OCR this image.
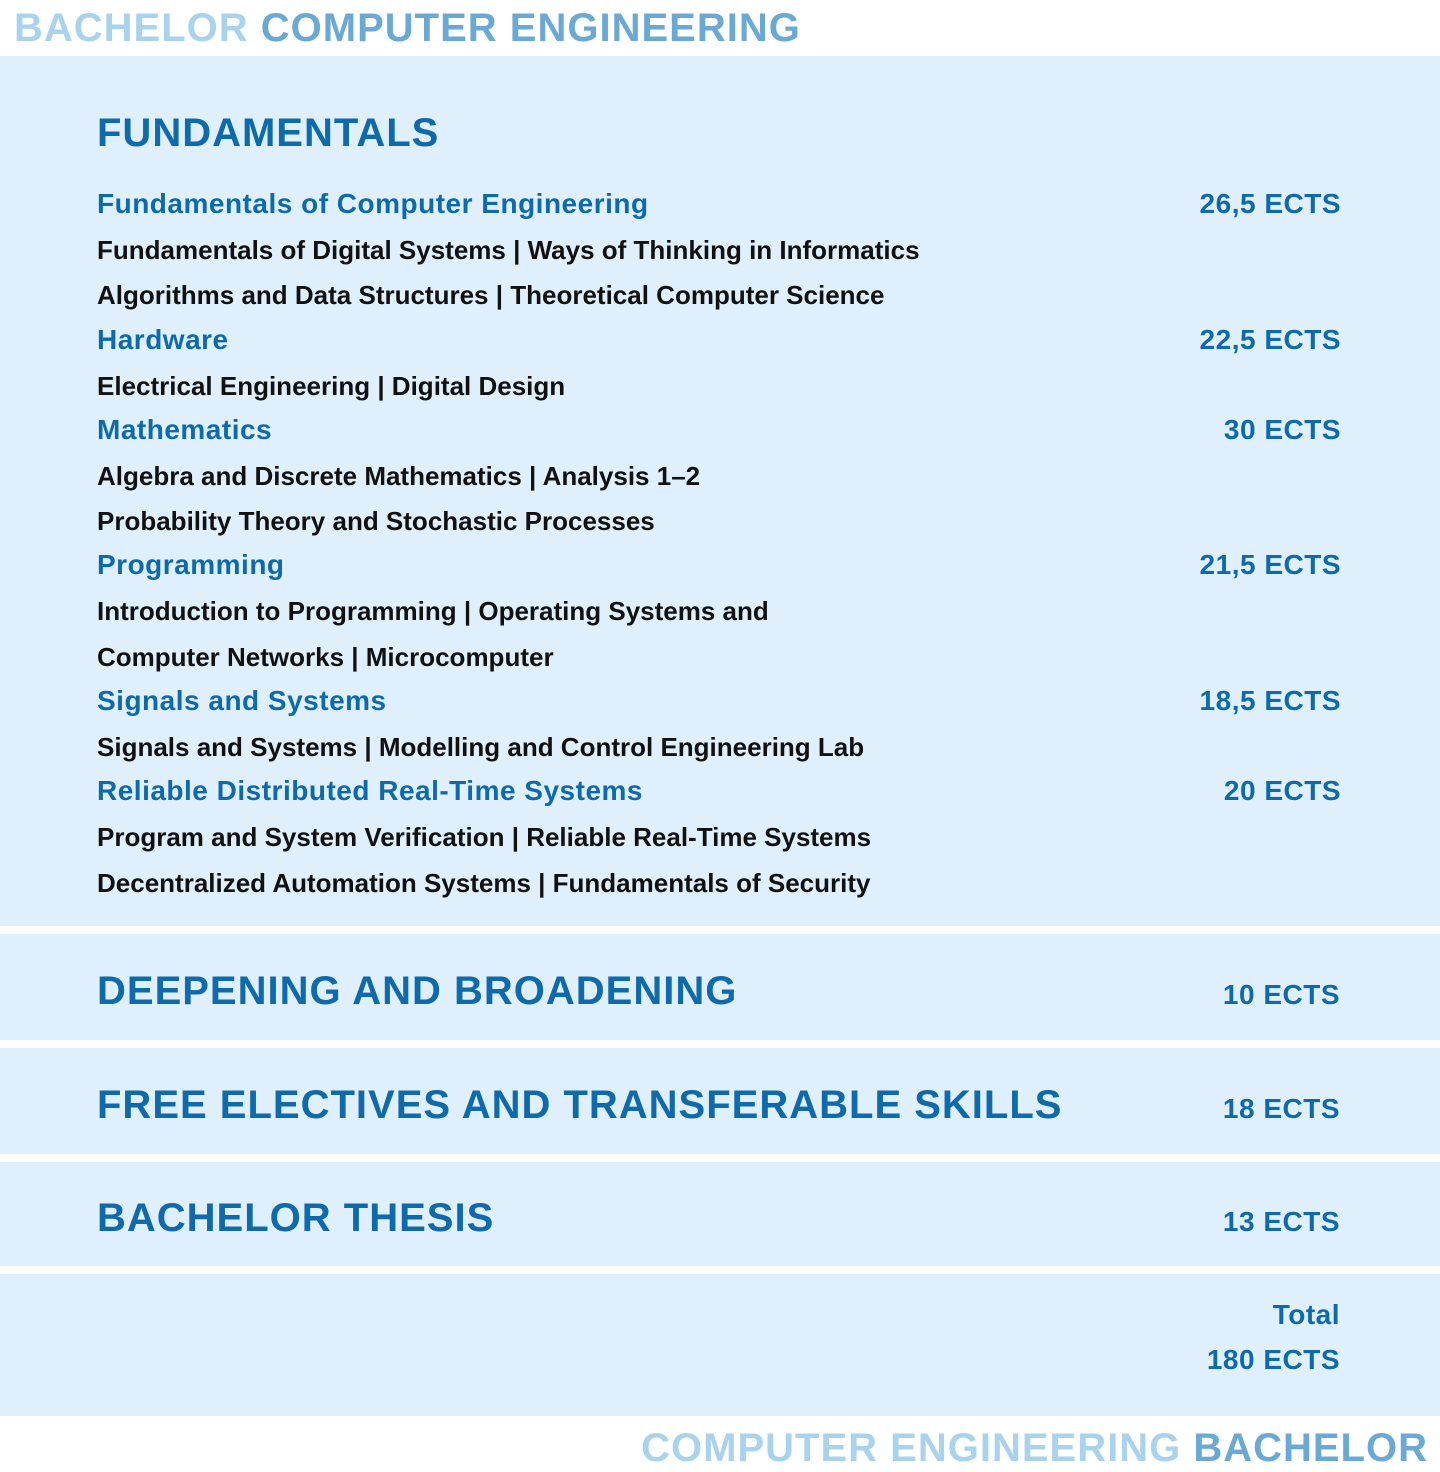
BACHELOR COMPUTER ENGINEERING
FUNDAMENTALS
Fundamentals of Computer Engineering	26,5 ECTS
Fundamentals of Digital Systems | Ways of Thinking in Informatics
Algorithms and Data Structures | Theoretical Computer Science
Hardware	22,5 ECTS
Electrical Engineering | Digital Design
Mathematics	30 ECTS
Algebra and Discrete Mathematics | Analysis 1–2
Probability Theory and Stochastic Processes
Programming	21,5 ECTS
Introduction to Programming | Operating Systems and
Computer Networks | Microcomputer
Signals and Systems	18,5 ECTS
Signals and Systems | Modelling and Control Engineering Lab
Reliable Distributed Real-Time Systems	20 ECTS
Program and System Verification | Reliable Real-Time Systems
Decentralized Automation Systems | Fundamentals of Security
DEEPENING AND BROADENING	10 ECTS
FREE ELECTIVES AND TRANSFERABLE SKILLS	18 ECTS
BACHELOR THESIS	13 ECTS
Total
180 ECTS
COMPUTER ENGINEERING BACHELOR
